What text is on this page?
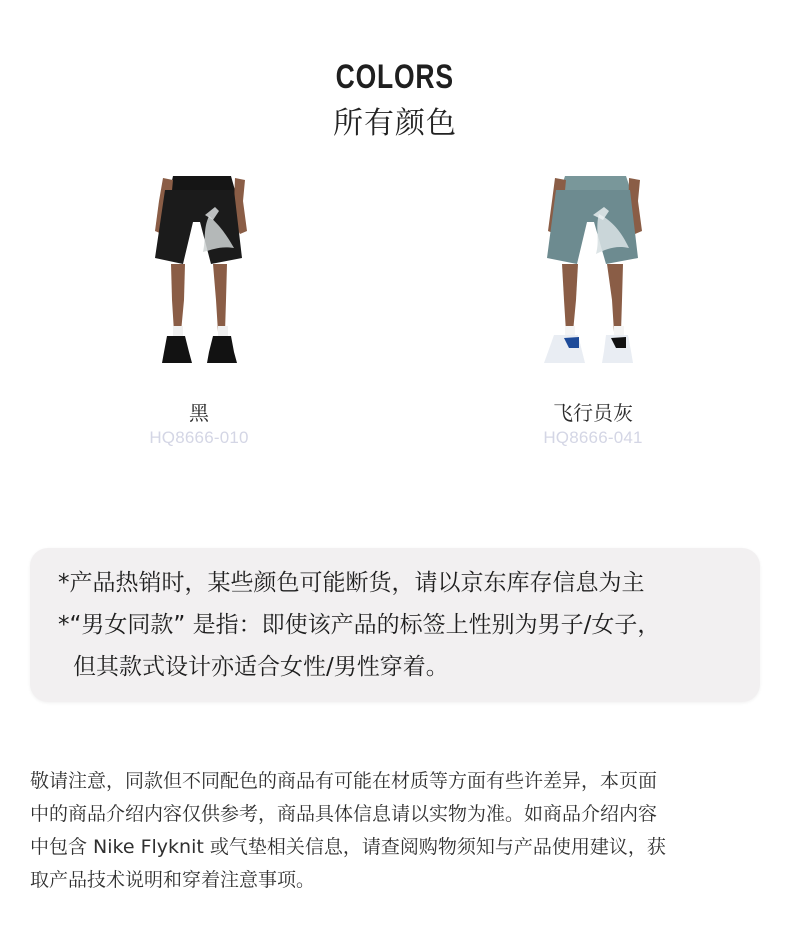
COLORS
所有颜色
黑
HQ8666-010
飞行员灰
HQ8666-041
*产品热销时，某些颜色可能断货，请以京东库存信息为主
*“男女同款” 是指：即使该产品的标签上性别为男子/女子，
但其款式设计亦适合女性/男性穿着。
敬请注意，同款但不同配色的商品有可能在材质等方面有些许差异，本页面
中的商品介绍内容仅供参考，商品具体信息请以实物为准。如商品介绍内容
中包含 Nike Flyknit 或气垫相关信息，请查阅购物须知与产品使用建议，获
取产品技术说明和穿着注意事项。
